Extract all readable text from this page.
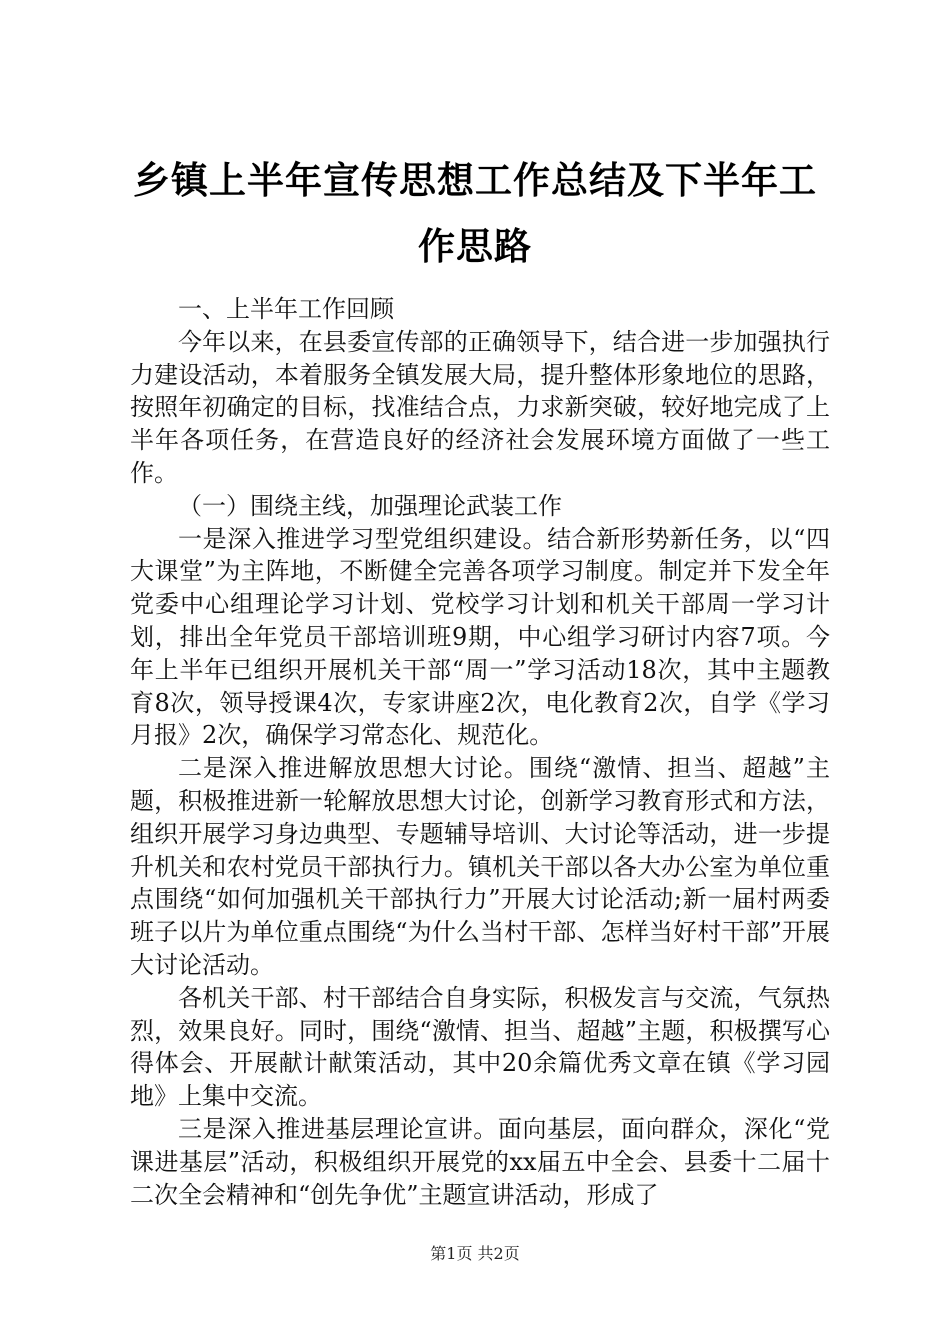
乡镇上半年宣传思想工作总结及下半年工作思路

一、上半年工作回顾

今年以来，在县委宣传部的正确领导下，结合进一步加强执行力建设活动，本着服务全镇发展大局，提升整体形象地位的思路，按照年初确定的目标，找准结合点，力求新突破，较好地完成了上半年各项任务，在营造良好的经济社会发展环境方面做了一些工作。

（一）围绕主线，加强理论武装工作

一是深入推进学习型党组织建设。结合新形势新任务，以“四大课堂”为主阵地，不断健全完善各项学习制度。制定并下发全年党委中心组理论学习计划、党校学习计划和机关干部周一学习计划，排出全年党员干部培训班9期，中心组学习研讨内容7项。今年上半年已组织开展机关干部“周一”学习活动18次，其中主题教育8次，领导授课4次，专家讲座2次，电化教育2次，自学《学习月报》2次，确保学习常态化、规范化。

二是深入推进解放思想大讨论。围绕“激情、担当、超越”主题，积极推进新一轮解放思想大讨论，创新学习教育形式和方法，组织开展学习身边典型、专题辅导培训、大讨论等活动，进一步提升机关和农村党员干部执行力。镇机关干部以各大办公室为单位重点围绕“如何加强机关干部执行力”开展大讨论活动;新一届村两委班子以片为单位重点围绕“为什么当村干部、怎样当好村干部”开展大讨论活动。

各机关干部、村干部结合自身实际，积极发言与交流，气氛热烈，效果良好。同时，围绕“激情、担当、超越”主题，积极撰写心得体会、开展献计献策活动，其中20余篇优秀文章在镇《学习园地》上集中交流。

三是深入推进基层理论宣讲。面向基层，面向群众，深化“党课进基层”活动，积极组织开展党的xx届五中全会、县委十二届十二次全会精神和“创先争优”主题宣讲活动，形成了

第1页 共2页
